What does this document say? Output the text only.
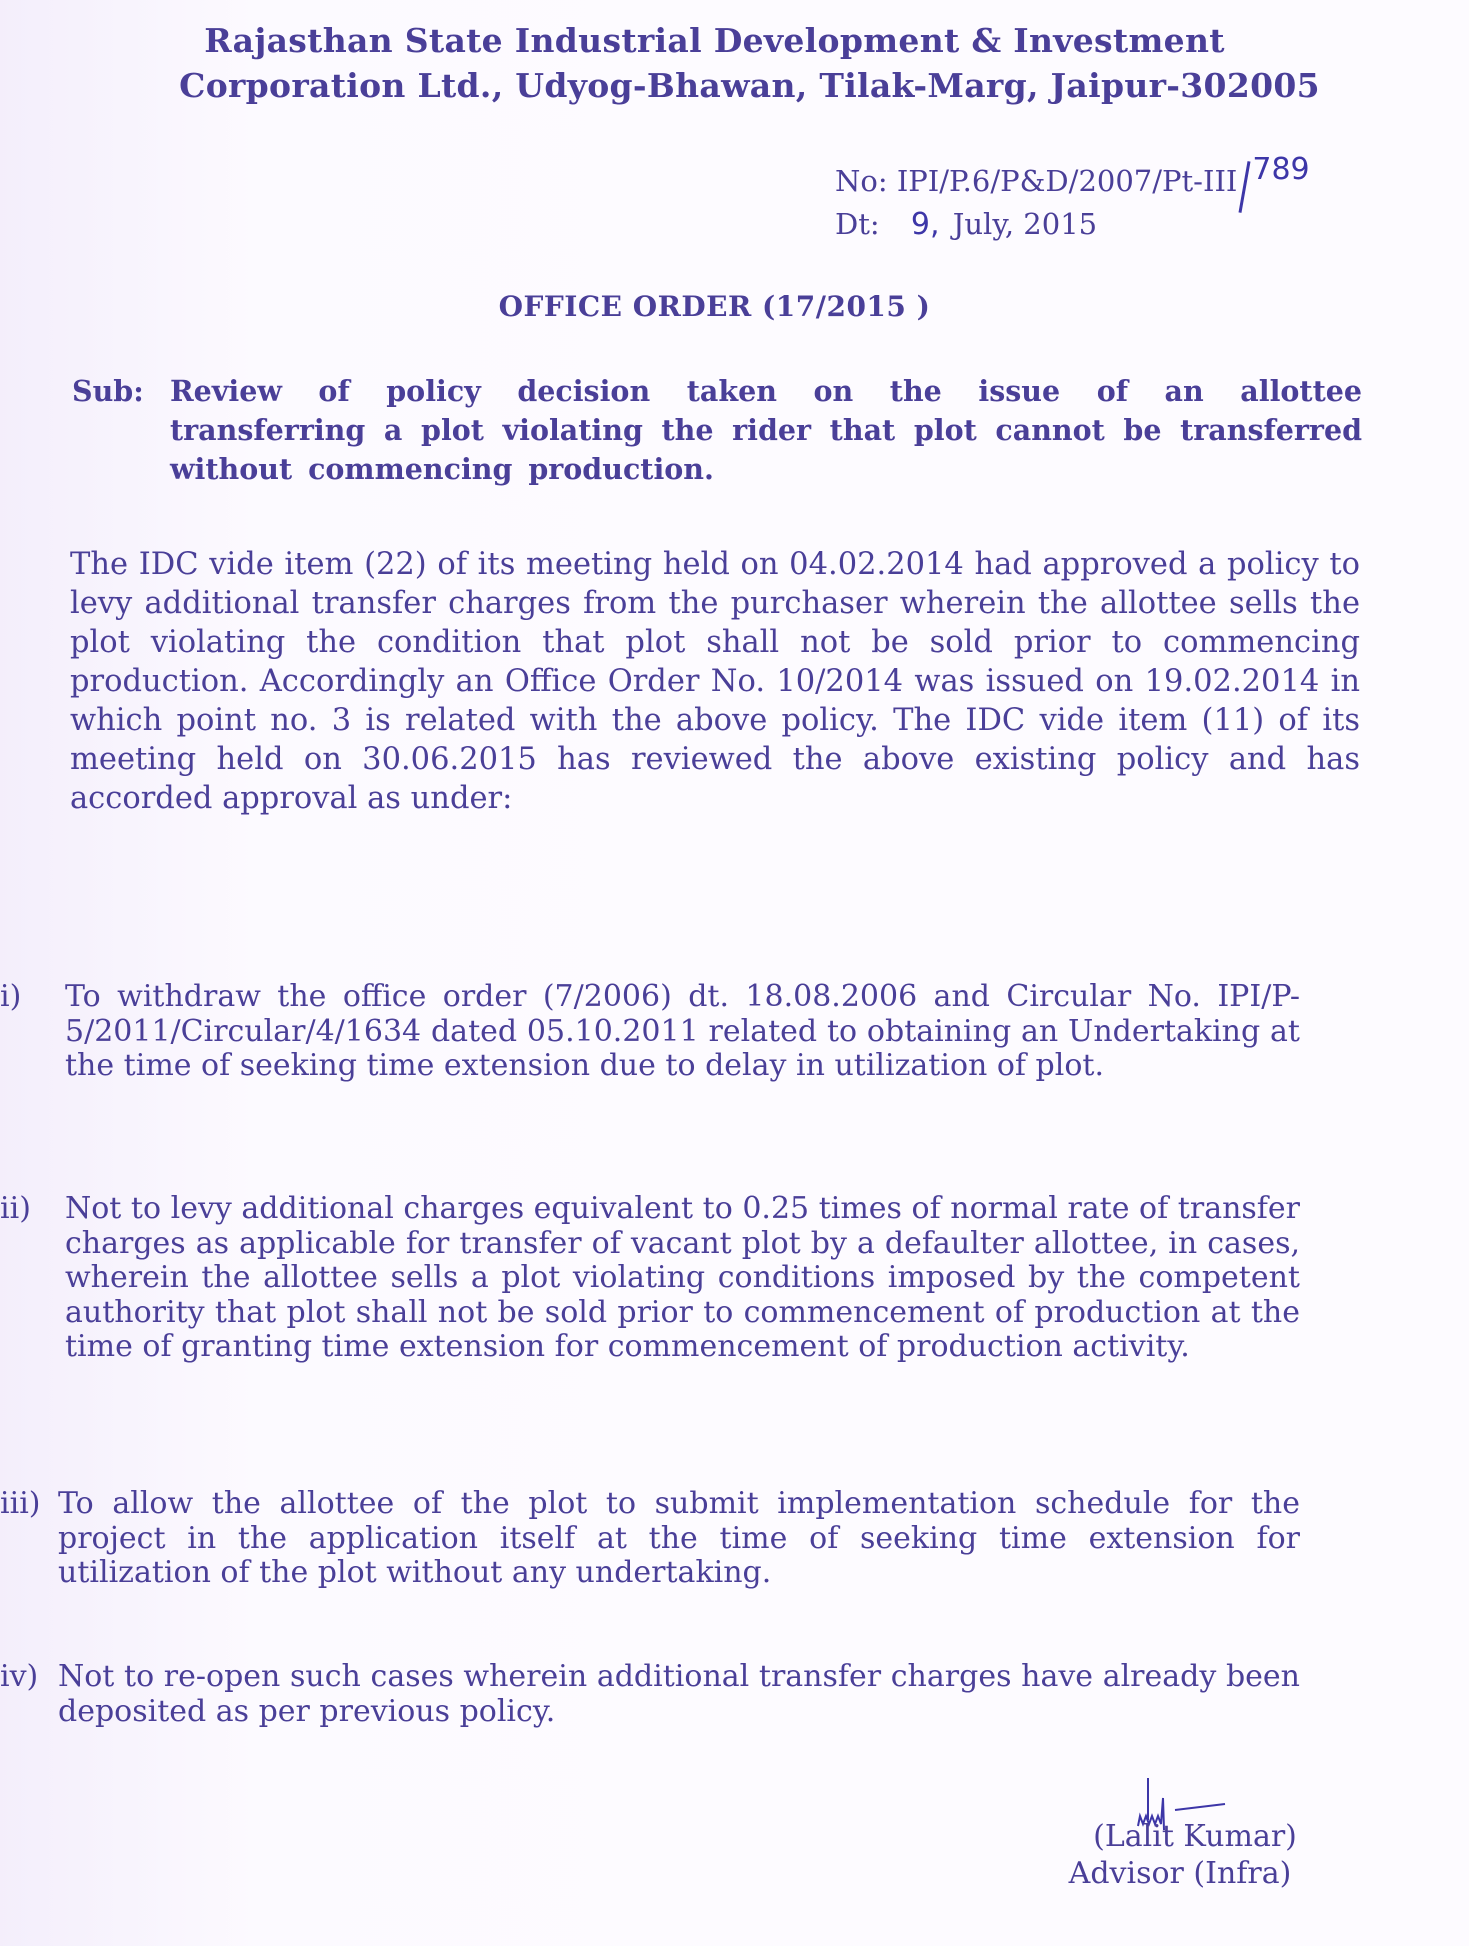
Rajasthan State Industrial Development & Investment
Corporation Ltd., Udyog-Bhawan, Tilak-Marg, Jaipur-302005
No: IPI/P.6/P&D/2007/Pt-III 789
Dt: 9, July, 2015
OFFICE ORDER (17/2015 )
Sub: Review of policy decision taken on the issue of an allottee transferring a plot violating the rider that plot cannot be transferred without commencing production.
The IDC vide item (22) of its meeting held on 04.02.2014 had approved a policy to levy additional transfer charges from the purchaser wherein the allottee sells the plot violating the condition that plot shall not be sold prior to commencing production. Accordingly an Office Order No. 10/2014 was issued on 19.02.2014 in which point no. 3 is related with the above policy. The IDC vide item (11) of its meeting held on 30.06.2015 has reviewed the above existing policy and has accorded approval as under:
i) To withdraw the office order (7/2006) dt. 18.08.2006 and Circular No. IPI/P-5/2011/Circular/4/1634 dated 05.10.2011 related to obtaining an Undertaking at the time of seeking time extension due to delay in utilization of plot.
ii) Not to levy additional charges equivalent to 0.25 times of normal rate of transfer charges as applicable for transfer of vacant plot by a defaulter allottee, in cases, wherein the allottee sells a plot violating conditions imposed by the competent authority that plot shall not be sold prior to commencement of production at the time of granting time extension for commencement of production activity.
iii) To allow the allottee of the plot to submit implementation schedule for the project in the application itself at the time of seeking time extension for utilization of the plot without any undertaking.
iv) Not to re-open such cases wherein additional transfer charges have already been deposited as per previous policy.
(Lalit Kumar)
Advisor (Infra)
